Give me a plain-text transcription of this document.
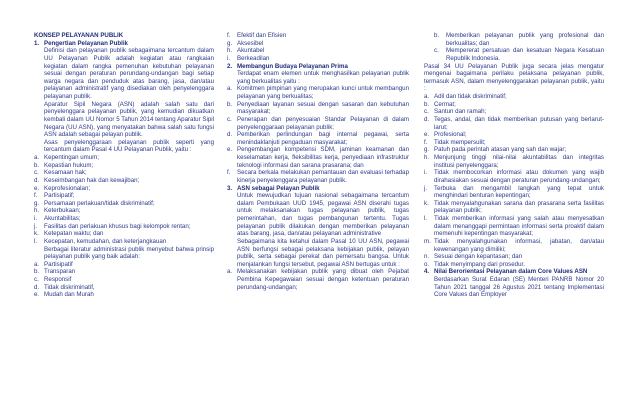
KONSEP PELAYANAN PUBLIK
1. Pengertian Pelayanan Publik
Definisi dan pelayanan publik sebagaimana tercantum dalam UU Pelayanan Publik adalah kegiatan atau rangkaian kegiatan dalam rangka pemenuhan kebutuhan pelayanan sesuai dengan peraturan perundang-undangan bagi setiap warga negara dan penduduk atas barang, jasa, dan/atau pelayanan administratif yang disediakan oleh penyelenggara pelayanan publik.
Aparatur Sipil Negara (ASN) adalah salah satu dari penyelenggara pelayanan publik, yang kemudian dikuatkan kembali dalam UU Nomor 5 Tahun 2014 tentang Aparatur Sipil Negara (UU ASN), yang menyatakan bahwa salah satu fungsi ASN adalah sebagai pelayan publik.
Asas penyelenggaraan pelayanan publik seperti yang tercantum dalam Pasal 4 UU Pelayanan Publik, yaitu :
a. Kepentingan umum;
b. Kepastian hukum;
c. Kesamaan hak;
d. Keseimbangan hak dan kewajiban;
e. Keprofesionalan;
f.	Partisipatif;
g. Persamaan perlakuan/tidak diskriminatif;
h. Keterbukaan;
i.	Akuntabilitas;
j.	Fasilitas dan perlakuan khusus bagi kelompok rentan;
k. Ketepatan waktu; dan
l.	Kecepatan, kemudahan, dan keterjangkauan
Berbagai literatur administrasi publik menyebut bahwa prinsip pelayanan publik yang baik adalah:
a. Partisipatif
b. Transparan
c. Responsif
d. Tidak diskriminatif,
e. Mudah dan Murah
f.	Efektif dan Efisien
g. Aksesibel
h. Akuntabel
i.	Berkeadilan
2. Membangun Budaya Pelayanan Prima
Terdapat enam elemen untuk menghasilkan pelayanan publik yang berkualitas yaitu :
a. Komitmen pimpinan yang merupakan kunci untuk membangun pelayanan yang berkualitas;
b. Penyediaan layanan sesuai dengan sasaran dan kebutuhan masyarakat;
c. Penerapan dan penyesuaian Standar Pelayanan di dalam penyelenggaraan pelayanan publik;
d. Pemberikan perlindungan bagi internal pegawai, serta menindaklanjuti pengaduan masyarakat;
e. Pengembangan kompetensi SDM, jaminan keamanan dan keselamatan kerja, fleksibilitas kerja, penyediaan infrastruktur teknologi informasi dan sarana prasarana; dan
f.	Secara berkala melakukan pemantauan dan evaluasi terhadap kinerja penyelenggara pelayanan publik.
3. ASN sebagai Pelayan Publik
Untuk mewujudkan tujuan nasional sebagaimana tercantum dalam Pembukaan UUD 1945, pegawai ASN diserahi tugas untuk melaksanakan tugas pelayanan publik, tugas pemerintahan, dan tugas pembangunan tertentu. Tugas pelayanan publik dilakukan dengan memberikan pelayanan atas barang, jasa, dan/atau pelayanan administrative
Sebagaimana kita ketahui dalam Pasal 10 UU ASN, pegawai ASN berfungsi sebagai pelaksana kebijakan publik, pelayan publik, serta sebagai perekat dan pemersatu bangsa. Untuk menjalankan fungsi tersebut, pegawai ASN bertugas untuk :
a. Melaksanakan kebijakan publik yang dibuat oleh Pejabat Pembina Kepegawaian sesuai dengan ketentuan peraturan perundang-undangan;
b.	Memberikan pelayanan publik yang profesional dan berkualitas; dan
c.	Mempererat persatuan dan kesatuan Negara Kesatuan Republik Indonesia.
Pasal 34 UU Pelayanan Publik juga secara jelas mengatur mengenai bagaimana perilaku pelaksana pelayanan publik, termasuk ASN, dalam menyelenggarakan pelayanan publik, yaitu :
a. Adil dan tidak diskriminatif;
b. Cermat;
c. Santun dan ramah;
d. Tegas, andal, dan tidak memberikan putusan yang berlarut-larut;
e. Profesional;
f.	Tidak mempersulit;
g. Patuh pada perintah atasan yang sah dan wajar;
h. Menjunjung tinggi nilai-nilai akuntabilitas dan integritas institusi penyelenggara;
i.	Tidak membocorkan informasi atau dokumen yang wajib dirahasiakan sesuai dengan peraturan perundang-undangan;
j.	Terbuka dan mengambil langkah yang tepat untuk menghindari benturan kepentingan;
k. Tidak menyalahgunakan sarana dan prasarana serta fasilitas pelayanan publik;
l.	Tidak memberikan informasi yang salah atau menyesatkan dalam menanggapi permintaan informasi serta proaktif dalam memenuhi kepentingan masyarakat;
m. Tidak menyalahgunakan informasi, jabatan, dan/atau kewenangan yang dimiliki;
n. Sesuai dengan kepantasan; dan
o. Tidak menyimpang dari prosedur.
4. Nilai Berorientasi Pelayanan dalam Core Values ASN
Berdasarkan Surat Edaran (SE) Menteri PANRB Nomor 20 Tahun 2021 tanggal 26 Agustus 2021 tentang Implementasi Core Values dan Employer
